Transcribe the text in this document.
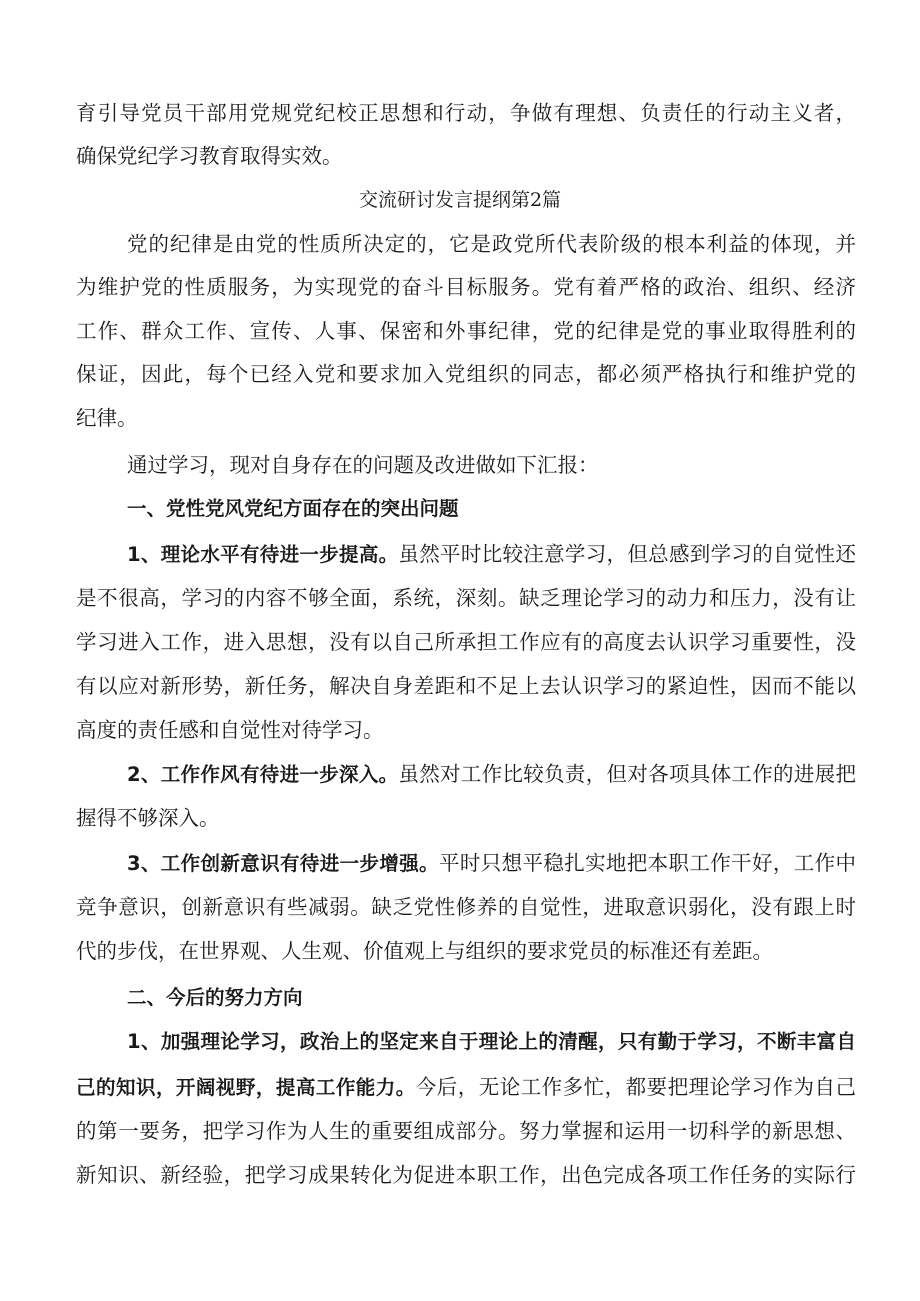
育引导党员干部用党规党纪校正思想和行动，争做有理想、负责任的行动主义者，
确保党纪学习教育取得实效。
交流研讨发言提纲第2篇
党的纪律是由党的性质所决定的，它是政党所代表阶级的根本利益的体现，并
为维护党的性质服务，为实现党的奋斗目标服务。党有着严格的政治、组织、经济
工作、群众工作、宣传、人事、保密和外事纪律，党的纪律是党的事业取得胜利的
保证，因此，每个已经入党和要求加入党组织的同志，都必须严格执行和维护党的
纪律。
通过学习，现对自身存在的问题及改进做如下汇报：
一、党性党风党纪方面存在的突出问题
1、理论水平有待进一步提高。虽然平时比较注意学习，但总感到学习的自觉性还
是不很高，学习的内容不够全面，系统，深刻。缺乏理论学习的动力和压力，没有让
学习进入工作，进入思想，没有以自己所承担工作应有的高度去认识学习重要性，没
有以应对新形势，新任务，解决自身差距和不足上去认识学习的紧迫性，因而不能以
高度的责任感和自觉性对待学习。
2、工作作风有待进一步深入。虽然对工作比较负责，但对各项具体工作的进展把
握得不够深入。
3、工作创新意识有待进一步增强。平时只想平稳扎实地把本职工作干好，工作中
竞争意识，创新意识有些减弱。缺乏党性修养的自觉性，进取意识弱化，没有跟上时
代的步伐，在世界观、人生观、价值观上与组织的要求党员的标准还有差距。
二、今后的努力方向
1、加强理论学习，政治上的坚定来自于理论上的清醒，只有勤于学习，不断丰富自
己的知识，开阔视野，提高工作能力。今后，无论工作多忙，都要把理论学习作为自己
的第一要务，把学习作为人生的重要组成部分。努力掌握和运用一切科学的新思想、
新知识、新经验，把学习成果转化为促进本职工作，出色完成各项工作任务的实际行
